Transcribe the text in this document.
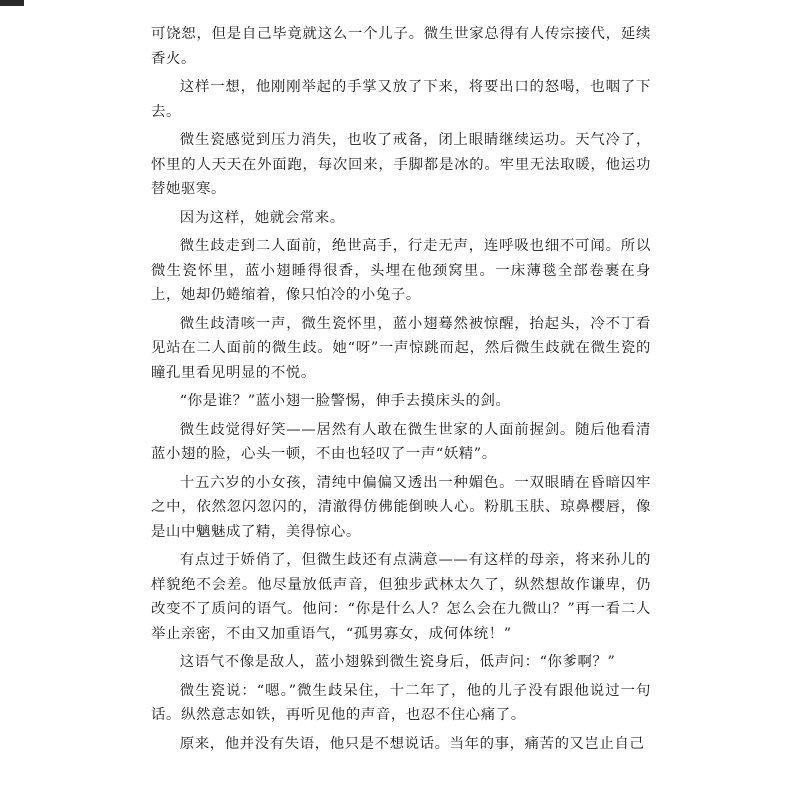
可饶恕，但是自己毕竟就这么一个儿子。微生世家总得有人传宗接代，延续香火。

这样一想，他刚刚举起的手掌又放了下来，将要出口的怒喝，也咽了下去。

微生瓷感觉到压力消失，也收了戒备，闭上眼睛继续运功。天气冷了，怀里的人天天在外面跑，每次回来，手脚都是冰的。牢里无法取暖，他运功替她驱寒。

因为这样，她就会常来。

微生歧走到二人面前，绝世高手，行走无声，连呼吸也细不可闻。所以微生瓷怀里，蓝小翅睡得很香，头埋在他颈窝里。一床薄毯全部卷裹在身上，她却仍蜷缩着，像只怕冷的小兔子。

微生歧清咳一声，微生瓷怀里，蓝小翅蓦然被惊醒，抬起头，冷不丁看见站在二人面前的微生歧。她“呀”一声惊跳而起，然后微生歧就在微生瓷的瞳孔里看见明显的不悦。

“你是谁？”蓝小翅一脸警惕，伸手去摸床头的剑。

微生歧觉得好笑——居然有人敢在微生世家的人面前握剑。随后他看清蓝小翅的脸，心头一顿，不由也轻叹了一声“妖精”。

十五六岁的小女孩，清纯中偏偏又透出一种媚色。一双眼睛在昏暗囚牢之中，依然忽闪忽闪的，清澈得仿佛能倒映人心。粉肌玉肤、琼鼻樱唇，像是山中魑魅成了精，美得惊心。

有点过于娇俏了，但微生歧还有点满意——有这样的母亲，将来孙儿的样貌绝不会差。他尽量放低声音，但独步武林太久了，纵然想故作谦卑，仍改变不了质问的语气。他问：“你是什么人？怎么会在九微山？”再一看二人举止亲密，不由又加重语气，“孤男寡女，成何体统！”

这语气不像是敌人，蓝小翅躲到微生瓷身后，低声问：“你爹啊？”

微生瓷说：“嗯。”微生歧呆住，十二年了，他的儿子没有跟他说过一句话。纵然意志如铁，再听见他的声音，也忍不住心痛了。

原来，他并没有失语，他只是不想说话。当年的事，痛苦的又岂止自己
